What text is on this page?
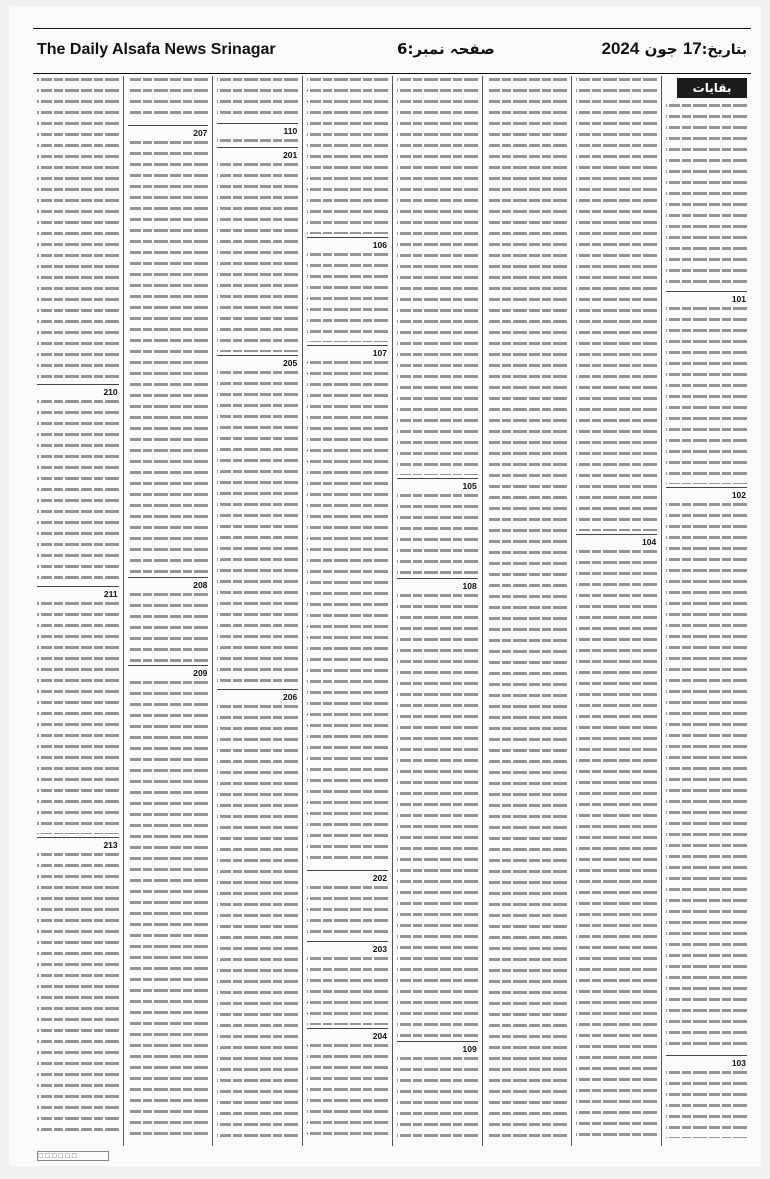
The Daily Alsafa News Srinagar	صفحہ نمبر:6	بتاریخ:17 جون 2024
بقایات
101
102
103
104
105
108
109
106
107
202
203
204
110
201
205
206
207
208
209
210
211
213
□□□□□□
